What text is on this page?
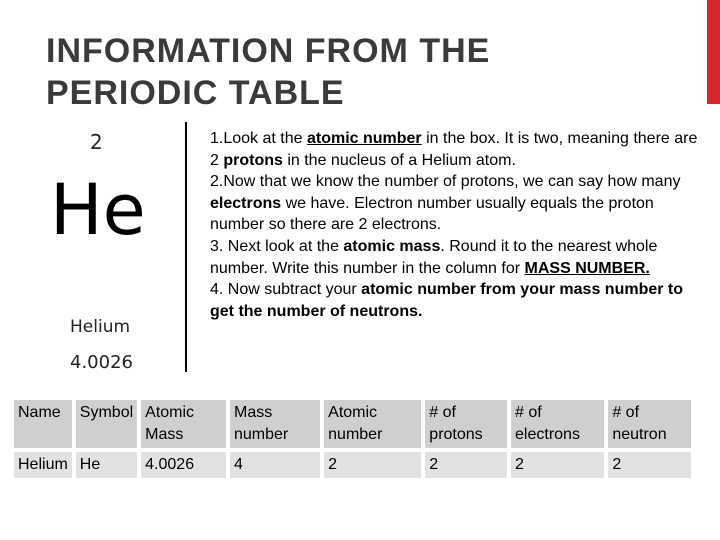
INFORMATION FROM THE
PERIODIC TABLE
2
He
Helium
4.0026

1.Look at the atomic number in the box. It is two, meaning there are 2 protons in the nucleus of a Helium atom.

2.Now that we know the number of protons, we can say how many electrons we have. Electron number usually equals the proton number so there are 2 electrons.

3. Next look at the atomic mass. Round it to the nearest whole number. Write this number in the column for MASS NUMBER.

4. Now subtract your atomic number from your mass number to get the number of neutrons.

Name	Symbol	Atomic Mass	Mass number	Atomic number	# of protons	# of electrons	# of neutron
Helium	He	4.0026	4	2	2	2	2
